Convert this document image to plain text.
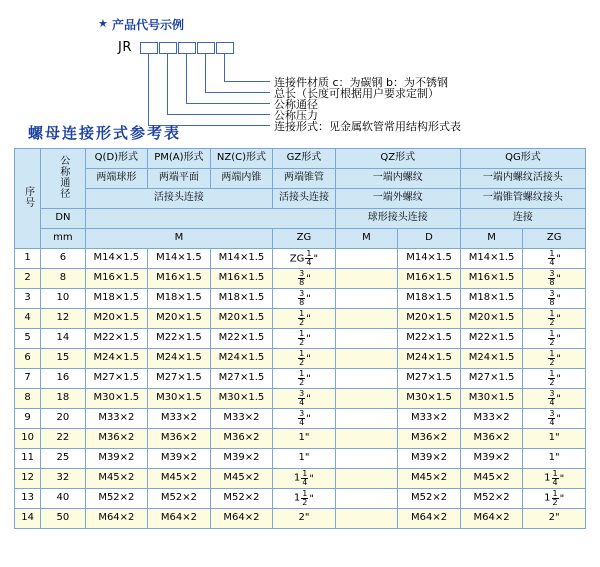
★ 产品代号示例
JR
连接件材质 c：为碳钢 b：为不锈钢
总长（长度可根据用户要求定制）
公称通径
公称压力
连接形式：见金属软管常用结构形式表
螺母连接形式参考表
序号	公称通径	Q(D)形式	PM(A)形式	NZ(C)形式	GZ形式	QZ形式		QG形式	
		两端球形	两端平面	两端内锥	两端锥管	一端内螺纹		一端内螺纹活接头	
		活接头连接			活接头连接	一端外螺纹		一端锥管螺纹接头	
	DN					球形接头连接		连接	
	mm	M			ZG	M	D	M	ZG
1	6	M14×1.5	M14×1.5	M14×1.5	ZG $\frac{1}{4}$ "		M14×1.5	M14×1.5	$\frac{1}{4}$ "
2	8	M16×1.5	M16×1.5	M16×1.5	$\frac{3}{8}$ "		M16×1.5	M16×1.5	$\frac{3}{8}$ "
3	10	M18×1.5	M18×1.5	M18×1.5	$\frac{3}{8}$ "		M18×1.5	M18×1.5	$\frac{3}{8}$ "
4	12	M20×1.5	M20×1.5	M20×1.5	$\frac{1}{2}$ "		M20×1.5	M20×1.5	$\frac{1}{2}$ "
5	14	M22×1.5	M22×1.5	M22×1.5	$\frac{1}{2}$ "		M22×1.5	M22×1.5	$\frac{1}{2}$ "
6	15	M24×1.5	M24×1.5	M24×1.5	$\frac{1}{2}$ "		M24×1.5	M24×1.5	$\frac{1}{2}$ "
7	16	M27×1.5	M27×1.5	M27×1.5	$\frac{1}{2}$ "		M27×1.5	M27×1.5	$\frac{1}{2}$ "
8	18	M30×1.5	M30×1.5	M30×1.5	$\frac{3}{4}$ "		M30×1.5	M30×1.5	$\frac{3}{4}$ "
9	20	M33×2	M33×2	M33×2	$\frac{3}{4}$ "		M33×2	M33×2	$\frac{3}{4}$ "
10	22	M36×2	M36×2	M36×2	1"		M36×2	M36×2	1"
11	25	M39×2	M39×2	M39×2	1"		M39×2	M39×2	1"
12	32	M45×2	M45×2	M45×2	$1 \frac{1}{4}$ "		M45×2	M45×2	$1 \frac{1}{4}$ "
13	40	M52×2	M52×2	M52×2	$1 \frac{1}{2}$ "		M52×2	M52×2	$1 \frac{1}{2}$ "
14	50	M64×2	M64×2	M64×2	2"		M64×2	M64×2	2"
